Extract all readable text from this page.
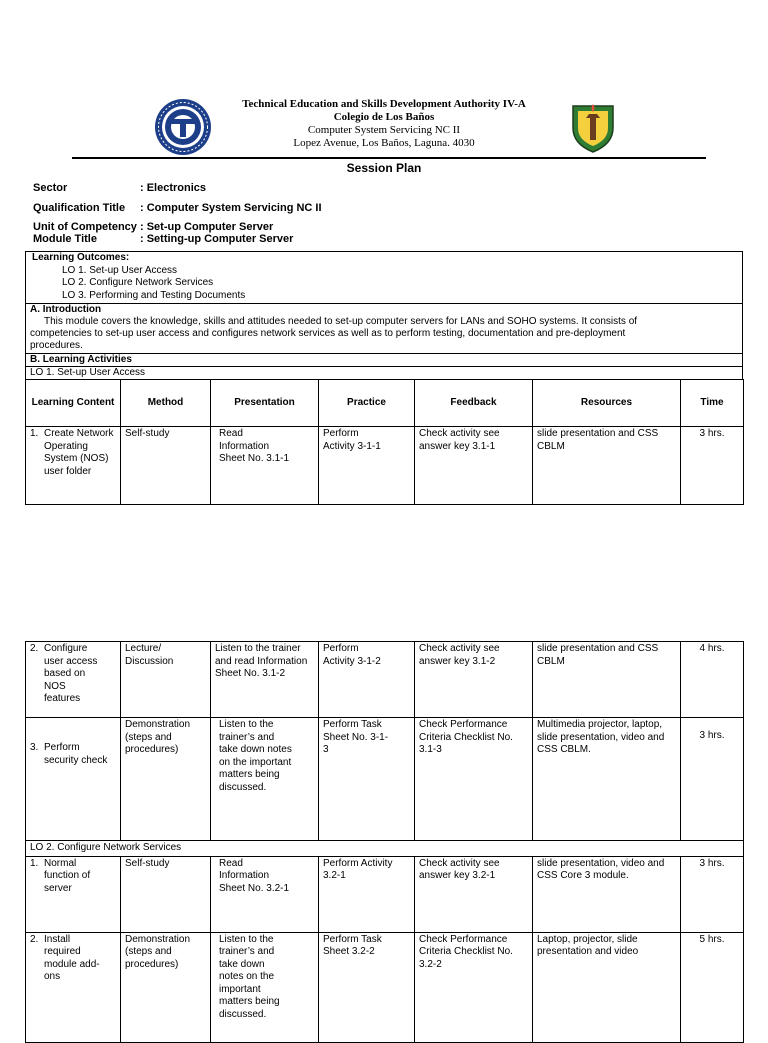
Technical Education and Skills Development Authority IV-A
Colegio de Los Baños
Computer System Servicing NC II
Lopez Avenue, Los Baños, Laguna. 4030
Session Plan
Sector	: Electronics
Qualification Title : Computer System Servicing NC II
Unit of Competency : Set-up Computer Server
Module Title	: Setting-up Computer Server
Learning Outcomes:
LO 1. Set-up User Access
LO 2. Configure Network Services
LO 3. Performing and Testing Documents
A. Introduction
This module covers the knowledge, skills and attitudes needed to set-up computer servers for LANs and SOHO systems. It consists of
competencies to set-up user access and configures network services as well as to perform testing, documentation and pre-deployment
procedures.
B. Learning Activities
LO 1. Set-up User Access
Learning Content	Method	Presentation	Practice	Feedback	Resources	Time

1. Create Network Operating System (NOS) user folder	Self-study	Read Information Sheet No. 3.1-1	Perform Activity 3-1-1	Check activity see answer key 3.1-1	slide presentation and CSS CBLM	3 hrs.
2. Configure user access based on NOS features	Lecture/ Discussion	Listen to the trainer and read Information Sheet No. 3.1-2	Perform Activity 3-1-2	Check activity see answer key 3.1-2	slide presentation and CSS CBLM	4 hrs.

3. Perform security check	Demonstration (steps and procedures)	Listen to the trainer’s and take down notes on the important matters being discussed.	Perform Task Sheet No. 3-1-3	Check Performance Criteria Checklist No. 3.1-3	Multimedia projector, laptop, slide presentation, video and CSS CBLM.	3 hrs.
LO 2. Configure Network Services						

1. Normal function of server	Self-study	Read Information Sheet No. 3.2-1	Perform Activity 3.2-1	Check activity see answer key 3.2-1	slide presentation, video and CSS Core 3 module.	3 hrs.

2. Install required module add-ons	Demonstration (steps and procedures)	Listen to the trainer’s and take down notes on the important matters being discussed.	Perform Task Sheet 3.2-2	Check Performance Criteria Checklist No. 3.2-2	Laptop, projector, slide presentation and video	5 hrs.
